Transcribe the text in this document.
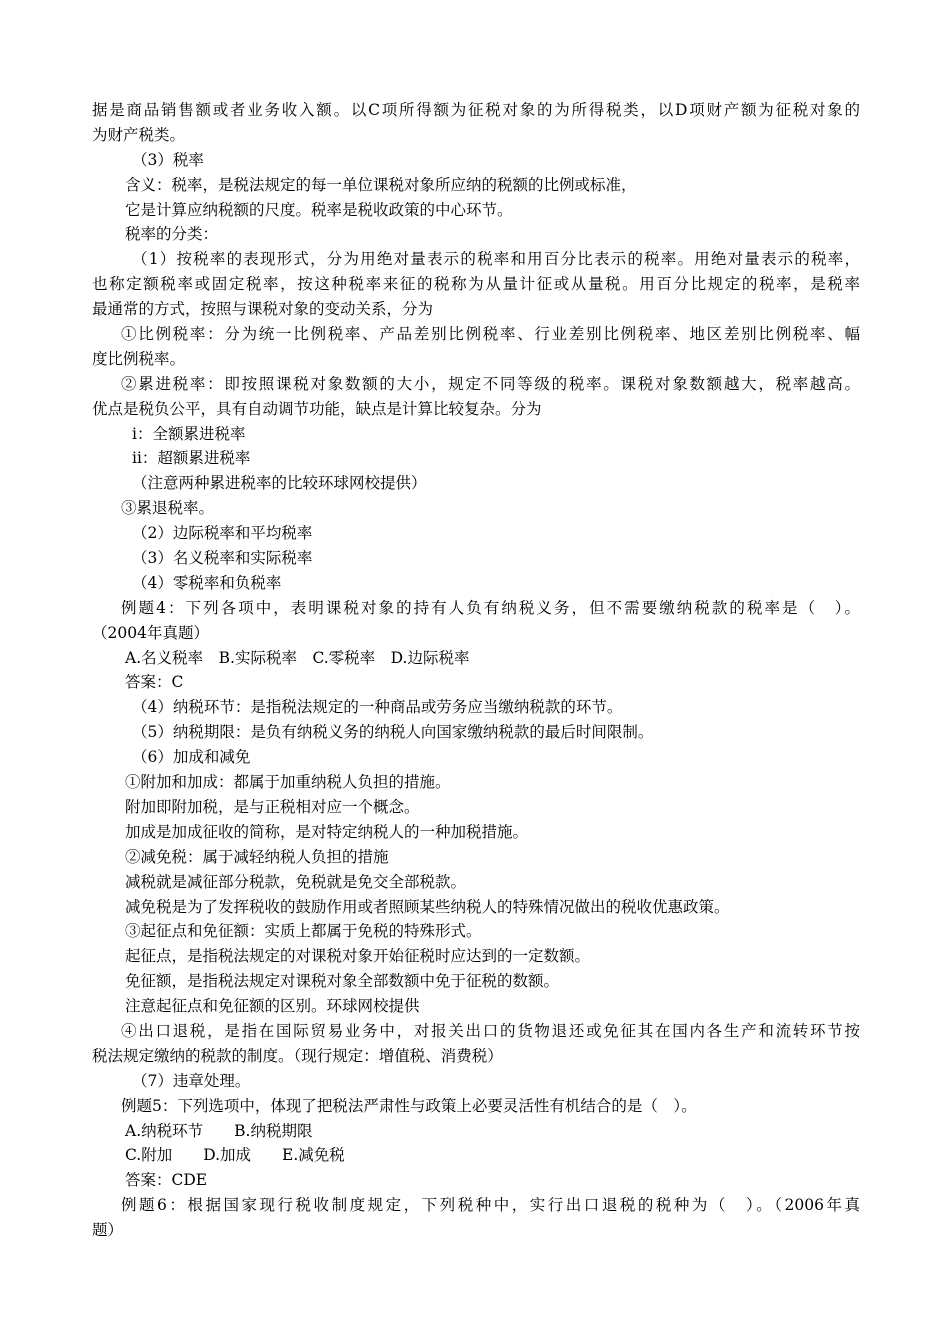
据是商品销售额或者业务收入额。以C项所得额为征税对象的为所得税类，以D项财产额为征税对象的
为财产税类。
（3）税率
含义：税率，是税法规定的每一单位课税对象所应纳的税额的比例或标准，
它是计算应纳税额的尺度。税率是税收政策的中心环节。
税率的分类：
（1）按税率的表现形式，分为用绝对量表示的税率和用百分比表示的税率。用绝对量表示的税率，
也称定额税率或固定税率，按这种税率来征的税称为从量计征或从量税。用百分比规定的税率，是税率
最通常的方式，按照与课税对象的变动关系，分为
①比例税率：分为统一比例税率、产品差别比例税率、行业差别比例税率、地区差别比例税率、幅
度比例税率。
②累进税率：即按照课税对象数额的大小，规定不同等级的税率。课税对象数额越大，税率越高。
优点是税负公平，具有自动调节功能，缺点是计算比较复杂。分为
ⅰ：全额累进税率
ⅱ：超额累进税率
（注意两种累进税率的比较环球网校提供）
③累退税率。
（2）边际税率和平均税率
（3）名义税率和实际税率
（4）零税率和负税率
例题4：下列各项中，表明课税对象的持有人负有纳税义务，但不需要缴纳税款的税率是（　）。
（2004年真题）
A.名义税率　B.实际税率　C.零税率　D.边际税率
答案：C
（4）纳税环节：是指税法规定的一种商品或劳务应当缴纳税款的环节。
（5）纳税期限：是负有纳税义务的纳税人向国家缴纳税款的最后时间限制。
（6）加成和减免
①附加和加成：都属于加重纳税人负担的措施。
附加即附加税，是与正税相对应一个概念。
加成是加成征收的简称，是对特定纳税人的一种加税措施。
②减免税：属于减轻纳税人负担的措施
减税就是减征部分税款，免税就是免交全部税款。
减免税是为了发挥税收的鼓励作用或者照顾某些纳税人的特殊情况做出的税收优惠政策。
③起征点和免征额：实质上都属于免税的特殊形式。
起征点，是指税法规定的对课税对象开始征税时应达到的一定数额。
免征额，是指税法规定对课税对象全部数额中免于征税的数额。
注意起征点和免征额的区别。环球网校提供
④出口退税，是指在国际贸易业务中，对报关出口的货物退还或免征其在国内各生产和流转环节按
税法规定缴纳的税款的制度。（现行规定：增值税、消费税）
（7）违章处理。
例题5：下列选项中，体现了把税法严肃性与政策上必要灵活性有机结合的是（　）。
A.纳税环节　　B.纳税期限
C.附加　　D.加成　　E.减免税
答案：CDE
例题6：根据国家现行税收制度规定，下列税种中，实行出口退税的税种为（　）。（2006年真
题）
